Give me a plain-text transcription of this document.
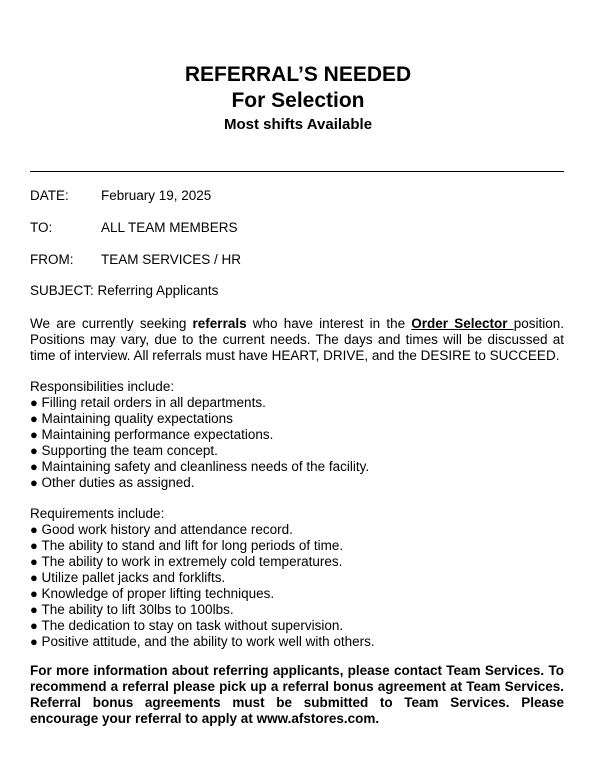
REFERRAL’S NEEDED
For Selection
Most shifts Available
DATE: February 19, 2025
TO:	ALL TEAM MEMBERS
FROM: TEAM SERVICES / HR
SUBJECT: Referring Applicants
We are currently seeking referrals who have interest in the Order Selector position. Positions may vary, due to the current needs. The days and times will be discussed at time of interview. All referrals must have HEART, DRIVE, and the DESIRE to SUCCEED.
Responsibilities include:
● Filling retail orders in all departments.
● Maintaining quality expectations
● Maintaining performance expectations.
● Supporting the team concept.
● Maintaining safety and cleanliness needs of the facility.
● Other duties as assigned.
Requirements include:
● Good work history and attendance record.
● The ability to stand and lift for long periods of time.
● The ability to work in extremely cold temperatures.
● Utilize pallet jacks and forklifts.
● Knowledge of proper lifting techniques.
● The ability to lift 30lbs to 100lbs.
● The dedication to stay on task without supervision.
● Positive attitude, and the ability to work well with others.
For more information about referring applicants, please contact Team Services. To recommend a referral please pick up a referral bonus agreement at Team Services. Referral bonus agreements must be submitted to Team Services. Please encourage your referral to apply at www.afstores.com.
